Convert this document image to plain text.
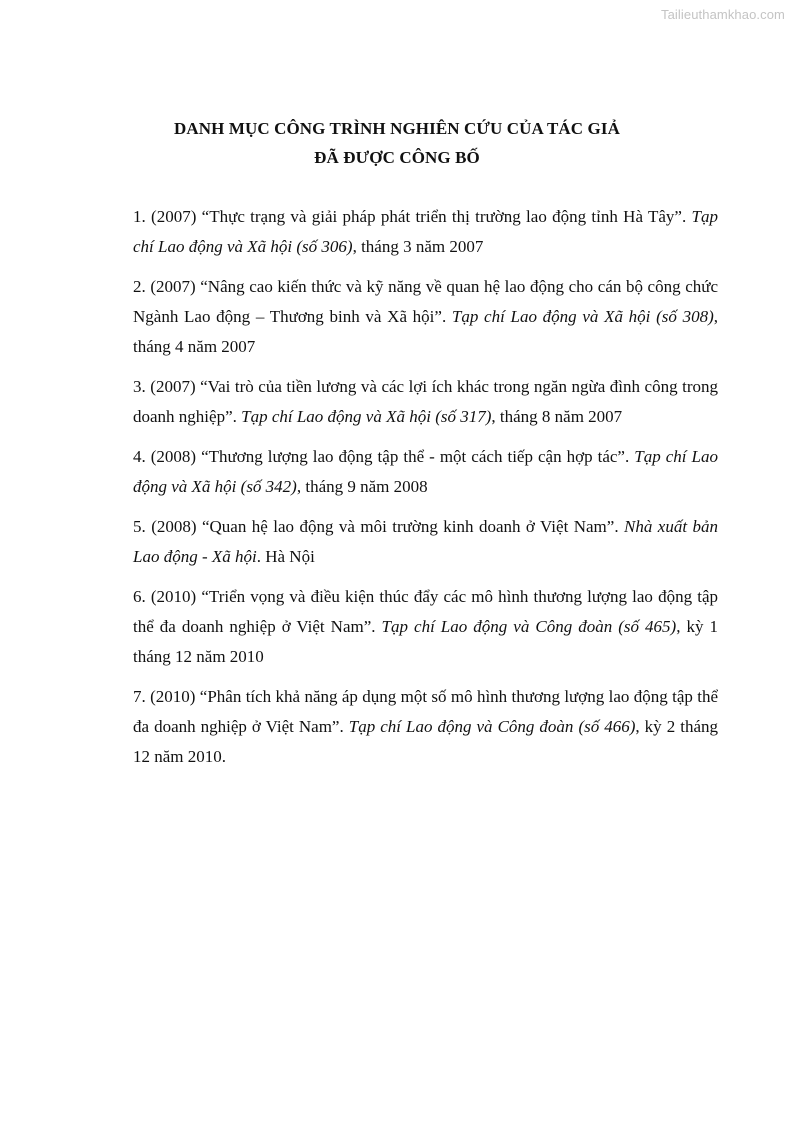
Tailieuthamkhao.com
DANH MỤC CÔNG TRÌNH NGHIÊN CỨU CỦA TÁC GIẢ
ĐÃ ĐƯỢC CÔNG BỐ

1. (2007) “Thực trạng và giải pháp phát triển thị trường lao động tỉnh Hà Tây”. Tạp chí Lao động và Xã hội (số 306), tháng 3 năm 2007

2. (2007) “Nâng cao kiến thức và kỹ năng về quan hệ lao động cho cán bộ công chức Ngành Lao động – Thương binh và Xã hội”. Tạp chí Lao động và Xã hội (số 308), tháng 4 năm 2007

3. (2007) “Vai trò của tiền lương và các lợi ích khác trong ngăn ngừa đình công trong doanh nghiệp”. Tạp chí Lao động và Xã hội (số 317), tháng 8 năm 2007

4. (2008) “Thương lượng lao động tập thể - một cách tiếp cận hợp tác”. Tạp chí Lao động và Xã hội (số 342), tháng 9 năm 2008

5. (2008) “Quan hệ lao động và môi trường kinh doanh ở Việt Nam”. Nhà xuất bản Lao động - Xã hội. Hà Nội

6. (2010) “Triển vọng và điều kiện thúc đẩy các mô hình thương lượng lao động tập thể đa doanh nghiệp ở Việt Nam”. Tạp chí Lao động và Công đoàn (số 465), kỳ 1 tháng 12 năm 2010

7. (2010) “Phân tích khả năng áp dụng một số mô hình thương lượng lao động tập thể đa doanh nghiệp ở Việt Nam”. Tạp chí Lao động và Công đoàn (số 466), kỳ 2 tháng 12 năm 2010.
